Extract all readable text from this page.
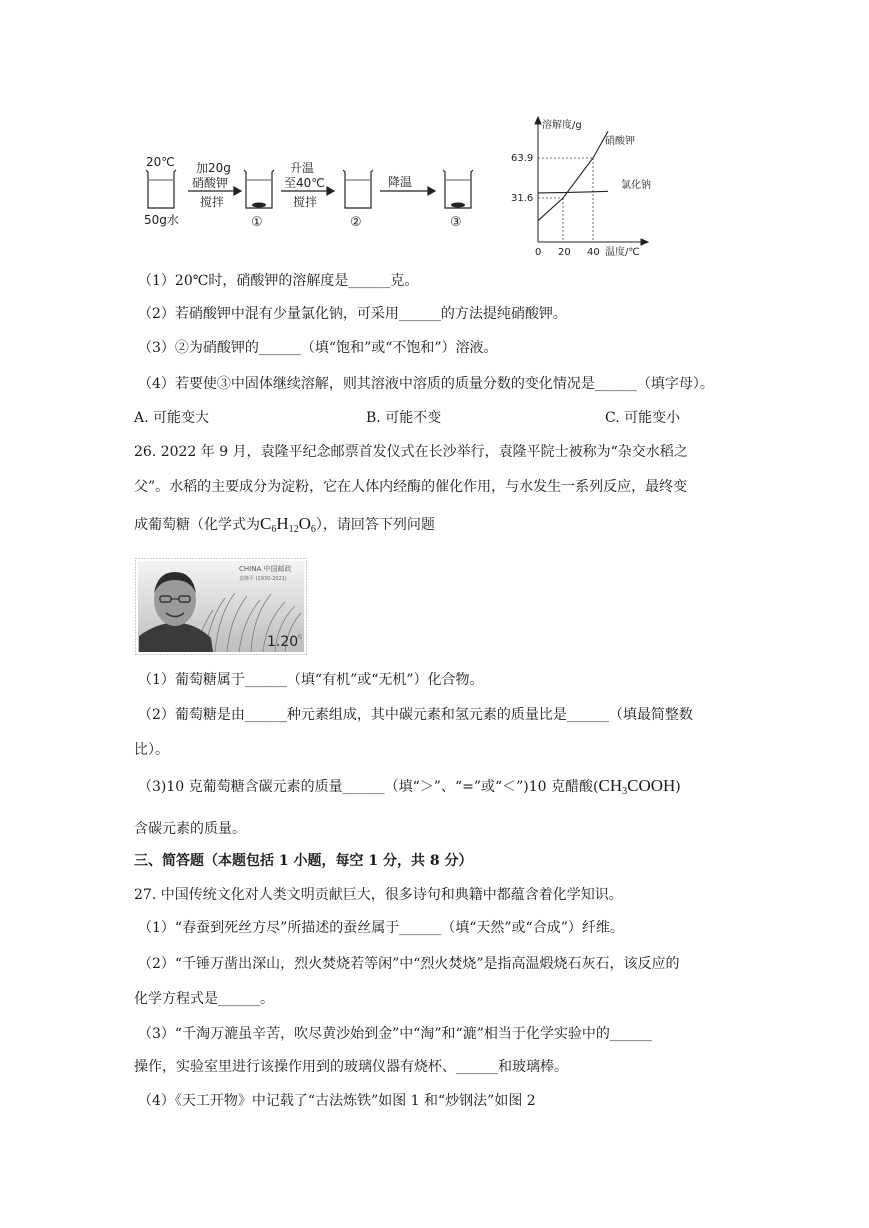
20℃
50g水
加20g
硝酸钾
搅拌
①
升温
至40℃
搅拌
②
降温
③
溶解度/g
温度/℃
63.9
31.6
0 20 40
硝酸钾
氯化钠
（1）20℃时，硝酸钾的溶解度是______克。
（2）若硝酸钾中混有少量氯化钠，可采用______的方法提纯硝酸钾。
（3）②为硝酸钾的______（填“饱和”或“不饱和”）溶液。
（4）若要使③中固体继续溶解，则其溶液中溶质的质量分数的变化情况是______（填字母）。
A. 可能变大	B. 可能不变	C. 可能变小
26. 2022 年 9 月，袁隆平纪念邮票首发仪式在长沙举行，袁隆平院士被称为“杂交水稻之
父”。水稻的主要成分为淀粉，它在人体内经酶的催化作用，与水发生一系列反应，最终变
成葡萄糖（化学式为$C_6H_{12}O_6$），请回答下列问题
CHINA 中国邮政
袁隆平 (1930-2021)
1.20
元
（1）葡萄糖属于______（填“有机”或“无机”）化合物。
（2）葡萄糖是由______种元素组成，其中碳元素和氢元素的质量比是______（填最简整数
比）。
（3)10 克葡萄糖含碳元素的质量______（填“＞”、“=”或“＜”)10 克醋酸$(CH_3COOH)$
含碳元素的质量。
三、简答题（本题包括 1 小题，每空 1 分，共 8 分）
27. 中国传统文化对人类文明贡献巨大，很多诗句和典籍中都蕴含着化学知识。
（1）“春蚕到死丝方尽”所描述的蚕丝属于______（填“天然”或“合成”）纤维。
（2）“千锤万凿出深山，烈火焚烧若等闲”中“烈火焚烧”是指高温煅烧石灰石，该反应的
化学方程式是______。
（3）“千淘万漉虽辛苦，吹尽黄沙始到金”中“淘”和“漉”相当于化学实验中的______
操作，实验室里进行该操作用到的玻璃仪器有烧杯、______和玻璃棒。
（4）《天工开物》中记载了“古法炼铁”如图 1 和“炒钢法”如图 2
